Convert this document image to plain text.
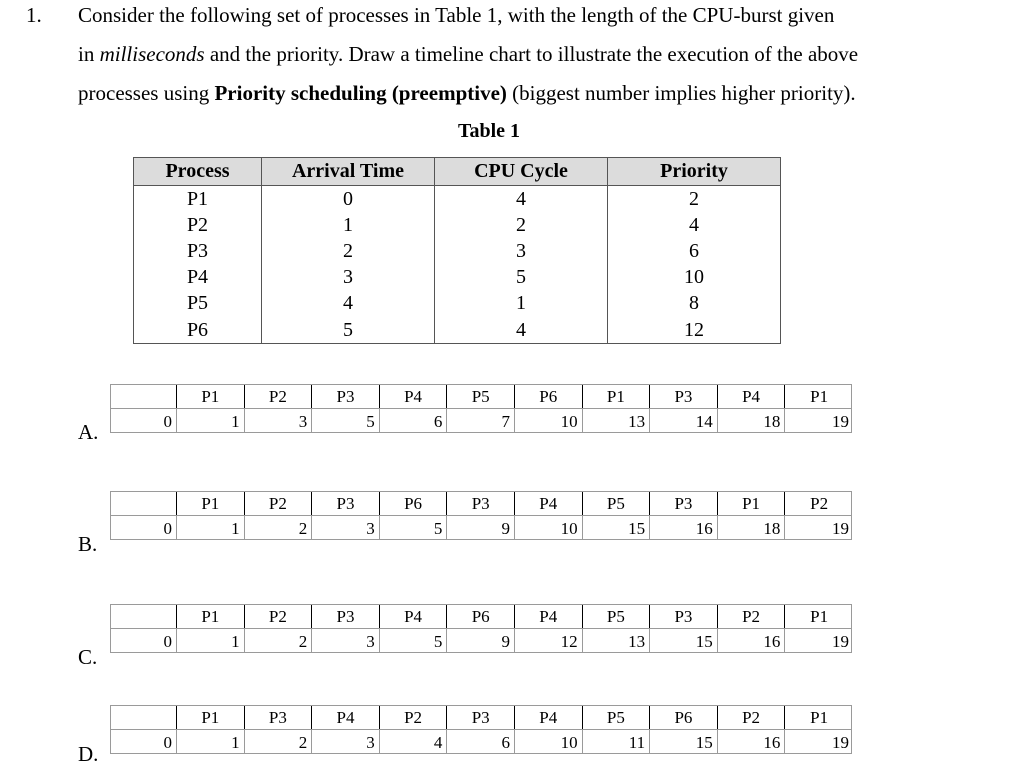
1. Consider the following set of processes in Table 1, with the length of the CPU-burst given
in milliseconds and the priority. Draw a timeline chart to illustrate the execution of the above
processes using Priority scheduling (preemptive) (biggest number implies higher priority).
Table 1
Process	Arrival Time	CPU Cycle	Priority
P1	0	4	2
P2	1	2	4
P3	2	3	6
P4	3	5	10
P5	4	1	8
P6	5	4	12
A.
P1	P2	P3	P4	P5	P6	P1	P3	P4	P1
0	1	3	5	6	7	10	13	14	18	19
B.
P1	P2	P3	P6	P3	P4	P5	P3	P1	P2
0	1	2	3	5	9	10	15	16	18	19
C.
P1	P2	P3	P4	P6	P4	P5	P3	P2	P1
0	1	2	3	5	9	12	13	15	16	19
D.
P1	P3	P4	P2	P3	P4	P5	P6	P2	P1
0	1	2	3	4	6	10	11	15	16	19
